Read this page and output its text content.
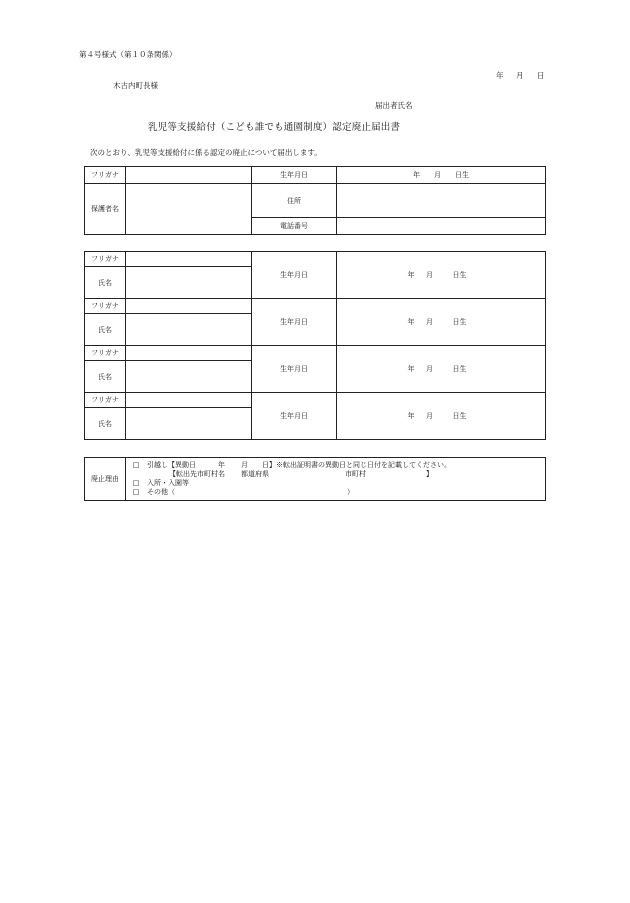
第４号様式（第１０条関係）
年 月 日
木古内町長様
届出者氏名
乳児等支援給付（こども誰でも通園制度）認定廃止届出書
次のとおり、乳児等支援給付に係る認定の廃止について届出します。
フリガナ		生年月日	年　　月　　日生
保護者名		住所	
		電話番号	
フリガナ		生年月日	年	月	日生
氏名					
フリガナ		生年月日	年	月	日生
氏名					
フリガナ		生年月日	年	月	日生
氏名					
フリガナ		生年月日	年	月	日生
氏名					
廃止理由	
□ 引越し【異動日	年 月 日】※転出証明書の異動日と同じ日付を記載してください。
【転出先市町村名 都道府県	市町村	】
□ 入所・入園等
□ その他（	）
